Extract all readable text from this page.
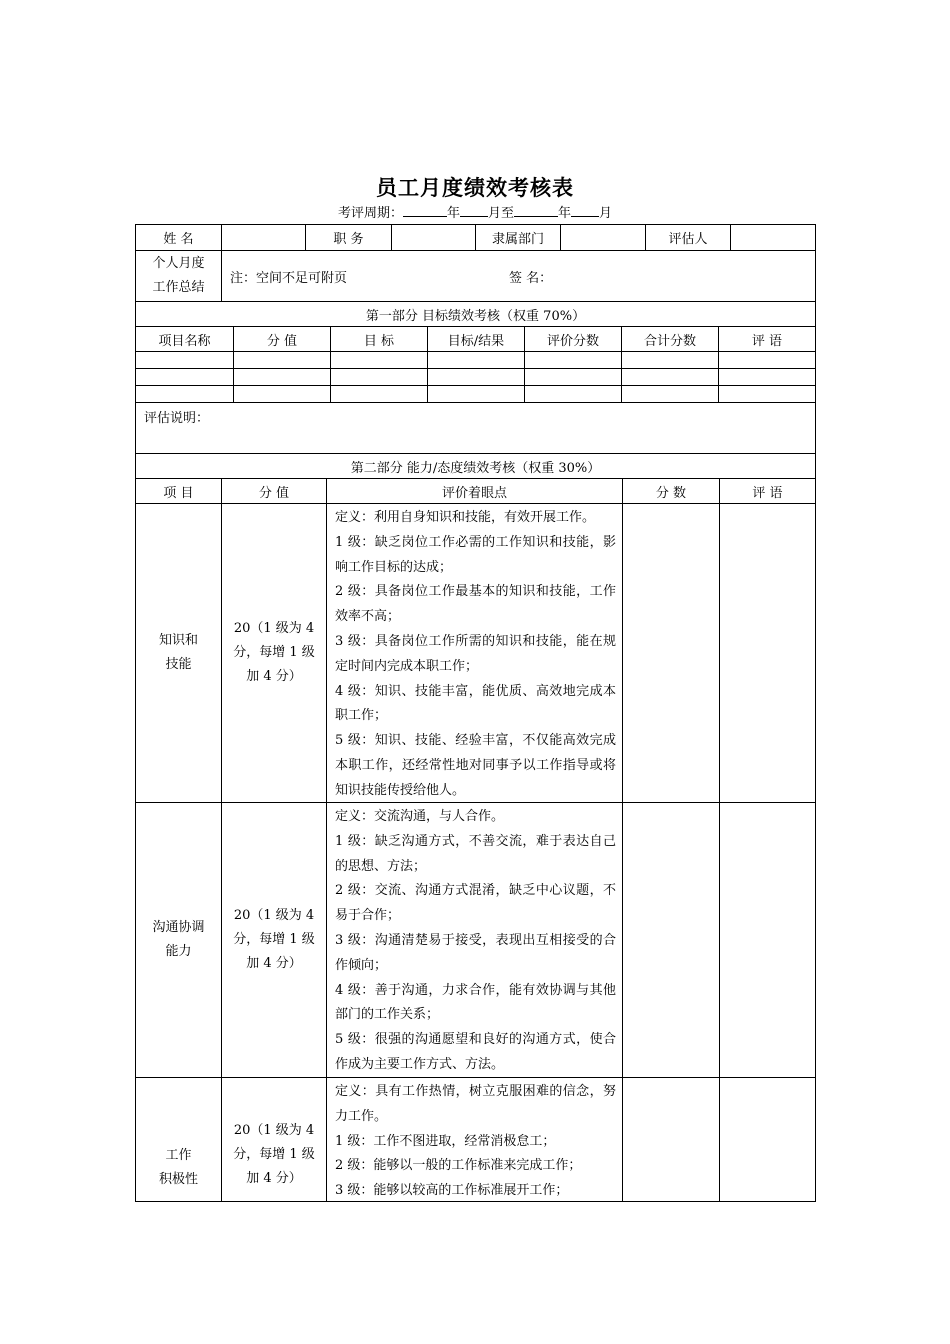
员工月度绩效考核表
考评周期：	年 月至	年 月
姓 名	职 务	隶属部门	评估人
个人月度
工作总结
注：空间不足可附页	签 名：
第一部分 目标绩效考核（权重 70%）
项目名称	分 值	目 标	目标/结果	评价分数	合计分数	评 语
评估说明：
第二部分 能力/态度绩效考核（权重 30%）
项 目	分 值	评价着眼点	分 数	评 语
知识和
技能
20（1 级为 4
分，每增 1 级
加 4 分）
定义：利用自身知识和技能，有效开展工作。
1 级：缺乏岗位工作必需的工作知识和技能，影响工作目标的达成；
2 级：具备岗位工作最基本的知识和技能，工作效率不高；
3 级：具备岗位工作所需的知识和技能，能在规定时间内完成本职工作；
4 级：知识、技能丰富，能优质、高效地完成本职工作；
5 级：知识、技能、经验丰富，不仅能高效完成本职工作，还经常性地对同事予以工作指导或将知识技能传授给他人。
沟通协调
能力
20（1 级为 4
分，每增 1 级
加 4 分）
定义：交流沟通，与人合作。
1 级：缺乏沟通方式，不善交流，难于表达自己的思想、方法；
2 级：交流、沟通方式混淆，缺乏中心议题，不易于合作；
3 级：沟通清楚易于接受，表现出互相接受的合作倾向；
4 级：善于沟通，力求合作，能有效协调与其他部门的工作关系；
5 级：很强的沟通愿望和良好的沟通方式，使合作成为主要工作方式、方法。
工作
积极性
20（1 级为 4
分，每增 1 级
加 4 分）
定义：具有工作热情，树立克服困难的信念，努力工作。
1 级：工作不图进取，经常消极怠工；
2 级：能够以一般的工作标准来完成工作；
3 级：能够以较高的工作标准展开工作；
